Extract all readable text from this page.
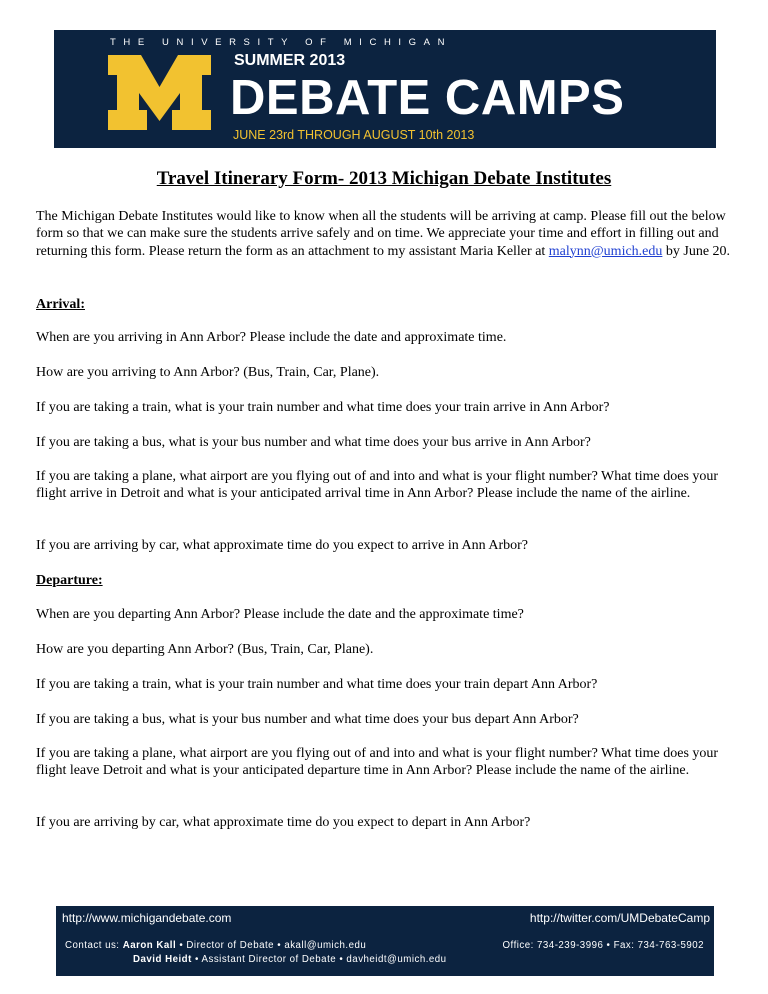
THE UNIVERSITY OF MICHIGAN
SUMMER 2013
DEBATE CAMPS
JUNE 23rd THROUGH AUGUST 10th 2013
Travel Itinerary Form- 2013 Michigan Debate Institutes

The Michigan Debate Institutes would like to know when all the students will be arriving at camp. Please fill out the below form so that we can make sure the students arrive safely and on time. We appreciate your time and effort in filling out and returning this form. Please return the form as an attachment to my assistant Maria Keller at malynn@umich.edu by June 20.

Arrival:

When are you arriving in Ann Arbor? Please include the date and approximate time.

How are you arriving to Ann Arbor? (Bus, Train, Car, Plane).

If you are taking a train, what is your train number and what time does your train arrive in Ann Arbor?

If you are taking a bus, what is your bus number and what time does your bus arrive in Ann Arbor?

If you are taking a plane, what airport are you flying out of and into and what is your flight number? What time does your flight arrive in Detroit and what is your anticipated arrival time in Ann Arbor? Please include the name of the airline.

If you are arriving by car, what approximate time do you expect to arrive in Ann Arbor?

Departure:

When are you departing Ann Arbor? Please include the date and the approximate time?

How are you departing Ann Arbor? (Bus, Train, Car, Plane).

If you are taking a train, what is your train number and what time does your train depart Ann Arbor?

If you are taking a bus, what is your bus number and what time does your bus depart Ann Arbor?

If you are taking a plane, what airport are you flying out of and into and what is your flight number? What time does your flight leave Detroit and what is your anticipated departure time in Ann Arbor? Please include the name of the airline.

If you are arriving by car, what approximate time do you expect to depart in Ann Arbor?

http://www.michigandebate.com	http://twitter.com/UMDebateCamp
Contact us: Aaron Kall • Director of Debate • akall@umich.edu
David Heidt • Assistant Director of Debate • davheidt@umich.edu
Office: 734-239-3996 • Fax: 734-763-5902
